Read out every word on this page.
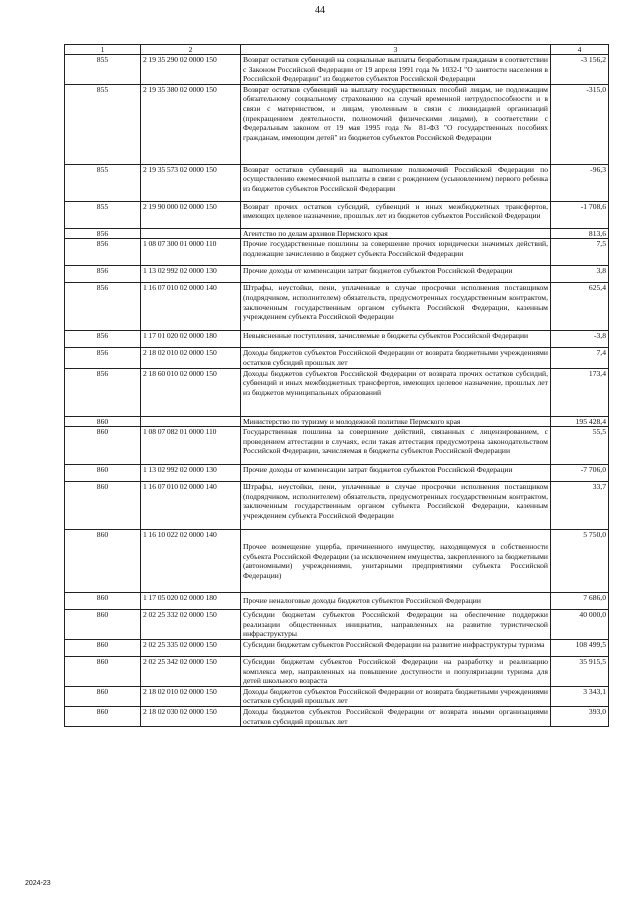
44
1	2	3	4
855	2 19 35 290 02 0000 150	Возврат остатков субвенций на социальные выплаты безработным гражданам в соответствии с Законом Российской Федерации от 19 апреля 1991 года № 1032-I "О занятости населения в Российской Федерации" из бюджетов субъектов Российской Федерации	-3 156,2
855	2 19 35 380 02 0000 150	Возврат остатков субвенций на выплату государственных пособий лицам, не подлежащим обязательному социальному страхованию на случай временной нетрудоспособности и в связи с материнством, и лицам, уволенным в связи с ликвидацией организаций (прекращением деятельности, полномочий физическими лицами), в соответствии с Федеральным законом от 19 мая 1995 года № 81-ФЗ "О государственных пособиях гражданам, имеющим детей" из бюджетов субъектов Российской Федерации	-315,0
855	2 19 35 573 02 0000 150	Возврат остатков субвенций на выполнение полномочий Российской Федерации по осуществлению ежемесячной выплаты в связи с рождением (усыновлением) первого ребенка из бюджетов субъектов Российской Федерации	-96,3
855	2 19 90 000 02 0000 150	Возврат прочих остатков субсидий, субвенций и иных межбюджетных трансфертов, имеющих целевое назначение, прошлых лет из бюджетов субъектов Российской Федерации	-1 708,6
856		Агентство по делам архивов Пермского края	813,6
856	1 08 07 300 01 0000 110	Прочие государственные пошлины за совершение прочих юридически значимых действий, подлежащие зачислению в бюджет субъекта Российской Федерации	7,5
856	1 13 02 992 02 0000 130	Прочие доходы от компенсации затрат бюджетов субъектов Российской Федерации	3,8
856	1 16 07 010 02 0000 140	Штрафы, неустойки, пени, уплаченные в случае просрочки исполнения поставщиком (подрядчиком, исполнителем) обязательств, предусмотренных государственным контрактом, заключенным государственным органом субъекта Российской Федерации, казенным учреждением субъекта Российской Федерации	625,4
856	1 17 01 020 02 0000 180	Невыясненные поступления, зачисляемые в бюджеты субъектов Российской Федерации	-3,8
856	2 18 02 010 02 0000 150	Доходы бюджетов субъектов Российской Федерации от возврата бюджетными учреждениями остатков субсидий прошлых лет	7,4
856	2 18 60 010 02 0000 150	Доходы бюджетов субъектов Российской Федерации от возврата прочих остатков субсидий, субвенций и иных межбюджетных трансфертов, имеющих целевое назначение, прошлых лет из бюджетов муниципальных образований	173,4
860		Министерство по туризму и молодежной политике Пермского края	195 428,4
860	1 08 07 082 01 0000 110	Государственная пошлина за совершение действий, связанных с лицензированием, с проведением аттестации в случаях, если такая аттестация предусмотрена законодательством Российской Федерации, зачисляемая в бюджеты субъектов Российской Федерации	55,5
860	1 13 02 992 02 0000 130	Прочие доходы от компенсации затрат бюджетов субъектов Российской Федерации	-7 706,0
860	1 16 07 010 02 0000 140	Штрафы, неустойки, пени, уплаченные в случае просрочки исполнения поставщиком (подрядчиком, исполнителем) обязательств, предусмотренных государственным контрактом, заключенным государственным органом субъекта Российской Федерации, казенным учреждением субъекта Российской Федерации	33,7
860	1 16 10 022 02 0000 140	Прочее возмещение ущерба, причиненного имуществу, находящемуся в собственности субъекта Российской Федерации (за исключением имущества, закрепленного за бюджетными (автономными) учреждениями, унитарными предприятиями субъекта Российской Федерации)	5 750,0
860	1 17 05 020 02 0000 180	Прочие неналоговые доходы бюджетов субъектов Российской Федерации	7 686,0
860	2 02 25 332 02 0000 150	Субсидии бюджетам субъектов Российской Федерации на обеспечение поддержки реализации общественных инициатив, направленных на развитие туристической инфраструктуры	40 000,0
860	2 02 25 335 02 0000 150	Субсидии бюджетам субъектов Российской Федерации на развитие инфраструктуры туризма	108 499,5
860	2 02 25 342 02 0000 150	Субсидии бюджетам субъектов Российской Федерации на разработку и реализацию комплекса мер, направленных на повышение доступности и популяризации туризма для детей школьного возраста	35 915,5
860	2 18 02 010 02 0000 150	Доходы бюджетов субъектов Российской Федерации от возврата бюджетными учреждениями остатков субсидий прошлых лет	3 343,1
860	2 18 02 030 02 0000 150	Доходы бюджетов субъектов Российской Федерации от возврата иными организациями остатков субсидий прошлых лет	393,0
2024-23
